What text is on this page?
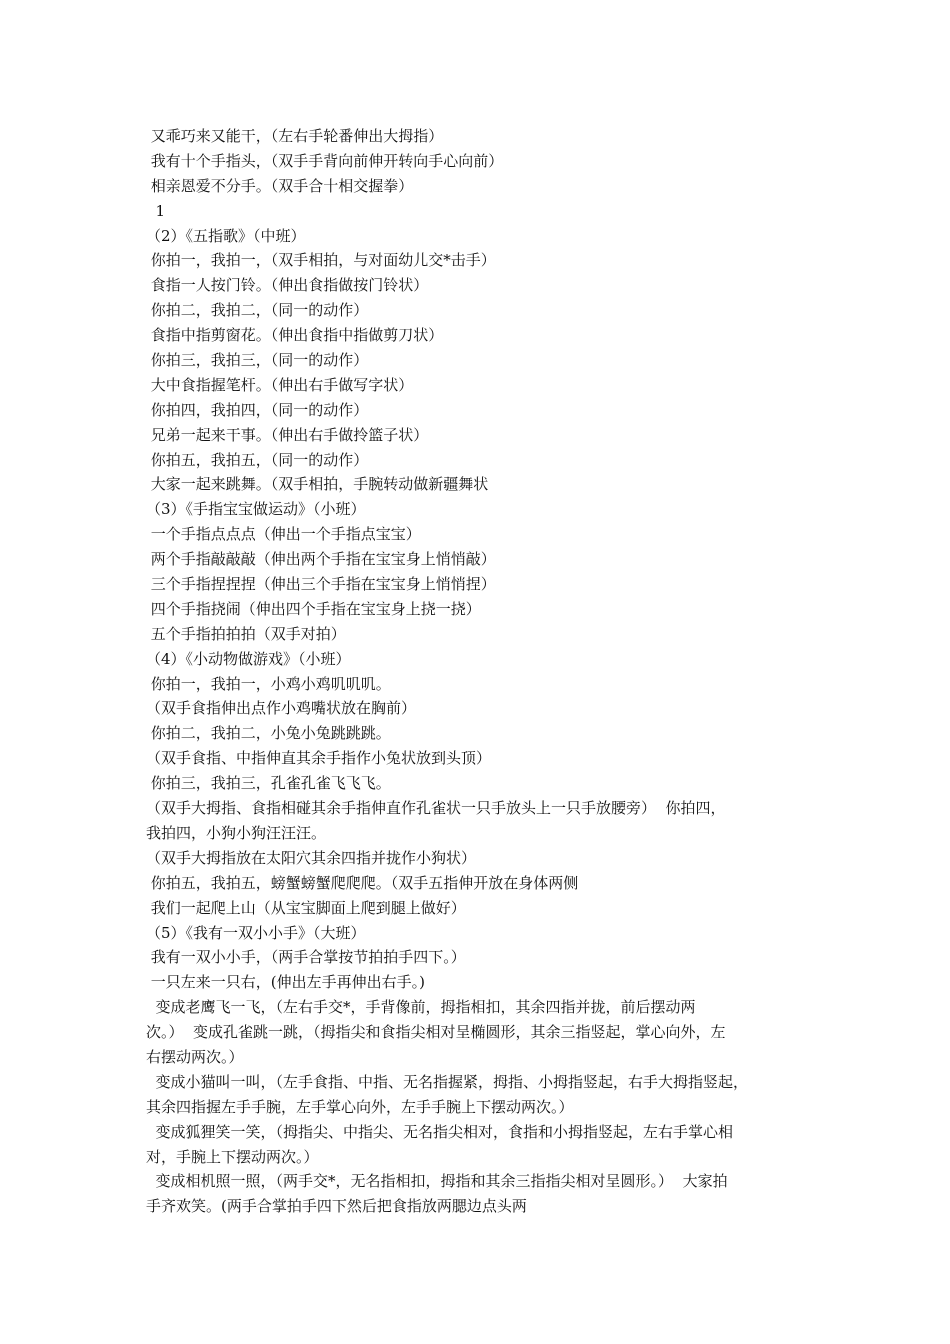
又乖巧来又能干，（左右手轮番伸出大拇指）
我有十个手指头，（双手手背向前伸开转向手心向前）
相亲恩爱不分手。（双手合十相交握拳）
1
（2）《五指歌》（中班）
你拍一，我拍一，（双手相拍，与对面幼儿交*击手）
食指一人按门铃。（伸出食指做按门铃状）
你拍二，我拍二，（同一的动作）
食指中指剪窗花。（伸出食指中指做剪刀状）
你拍三，我拍三，（同一的动作）
大中食指握笔杆。（伸出右手做写字状）
你拍四，我拍四，（同一的动作）
兄弟一起来干事。（伸出右手做拎篮子状）
你拍五，我拍五，（同一的动作）
大家一起来跳舞。（双手相拍，手腕转动做新疆舞状
（3）《手指宝宝做运动》（小班）
一个手指点点点（伸出一个手指点宝宝）
两个手指敲敲敲（伸出两个手指在宝宝身上悄悄敲）
三个手指捏捏捏（伸出三个手指在宝宝身上悄悄捏）
四个手指挠闹（伸出四个手指在宝宝身上挠一挠）
五个手指拍拍拍（双手对拍）
（4）《小动物做游戏》（小班）
你拍一，我拍一，小鸡小鸡叽叽叽。
（双手食指伸出点作小鸡嘴状放在胸前）
你拍二，我拍二，小兔小兔跳跳跳。
（双手食指、中指伸直其余手指作小兔状放到头顶）
你拍三，我拍三，孔雀孔雀飞飞飞。
（双手大拇指、食指相碰其余手指伸直作孔雀状一只手放头上一只手放腰旁）  你拍四，
我拍四，小狗小狗汪汪汪。
（双手大拇指放在太阳穴其余四指并拢作小狗状）
你拍五，我拍五，螃蟹螃蟹爬爬爬。（双手五指伸开放在身体两侧
我们一起爬上山（从宝宝脚面上爬到腿上做好）
（5）《我有一双小小手》（大班）
我有一双小小手，（两手合掌按节拍拍手四下。）
一只左来一只右，(伸出左手再伸出右手。)
变成老鹰飞一飞，（左右手交*，手背像前，拇指相扣，其余四指并拢，前后摆动两
次。）  变成孔雀跳一跳，（拇指尖和食指尖相对呈椭圆形，其余三指竖起，掌心向外，左
右摆动两次。）
变成小猫叫一叫，（左手食指、中指、无名指握紧，拇指、小拇指竖起，右手大拇指竖起，
其余四指握左手手腕，左手掌心向外，左手手腕上下摆动两次。）
变成狐狸笑一笑，（拇指尖、中指尖、无名指尖相对，食指和小拇指竖起，左右手掌心相
对，手腕上下摆动两次。）
变成相机照一照，（两手交*，无名指相扣，拇指和其余三指指尖相对呈圆形。）  大家拍
手齐欢笑。(两手合掌拍手四下然后把食指放两腮边点头两
